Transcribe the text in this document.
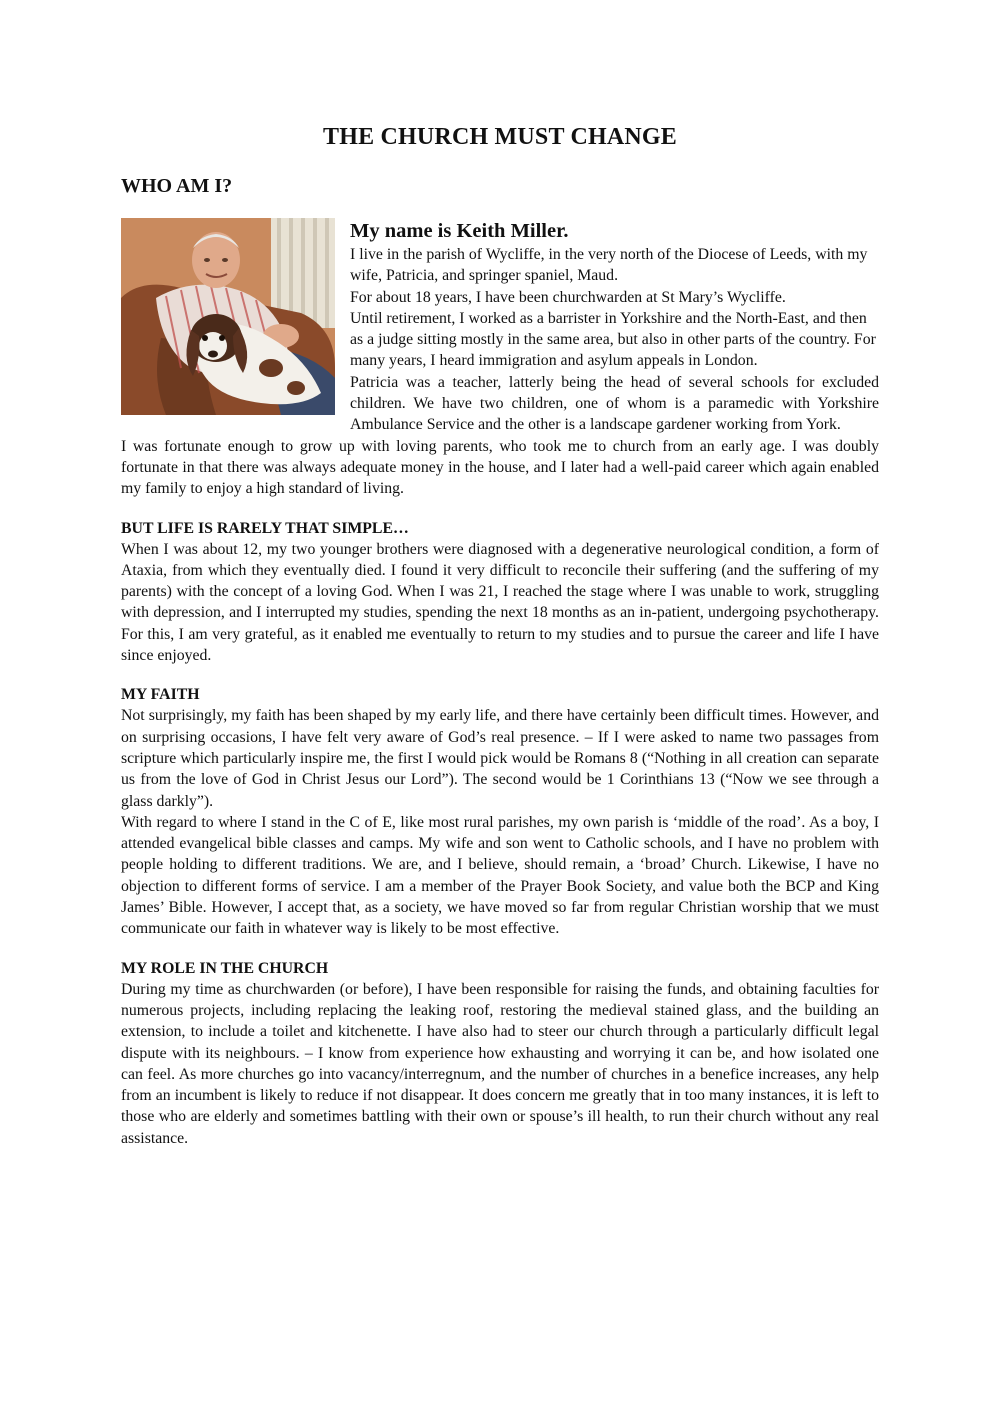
THE CHURCH MUST CHANGE
WHO AM I?
My name is Keith Miller.

I live in the parish of Wycliffe, in the very north of the Diocese of Leeds, with my wife, Patricia, and springer spaniel, Maud.

For about 18 years, I have been churchwarden at St Mary’s Wycliffe.

Until retirement, I worked as a barrister in Yorkshire and the North-East, and then as a judge sitting mostly in the same area, but also in other parts of the country. For many years, I heard immigration and asylum appeals in London.

Patricia was a teacher, latterly being the head of several schools for excluded children. We have two children, one of whom is a paramedic with Yorkshire Ambulance Service and the other is a landscape gardener working from York.

I was fortunate enough to grow up with loving parents, who took me to church from an early age. I was doubly fortunate in that there was always adequate money in the house, and I later had a well-paid career which again enabled my family to enjoy a high standard of living.

BUT LIFE IS RARELY THAT SIMPLE…

When I was about 12, my two younger brothers were diagnosed with a degenerative neurological condition, a form of Ataxia, from which they eventually died. I found it very difficult to reconcile their suffering (and the suffering of my parents) with the concept of a loving God. When I was 21, I reached the stage where I was unable to work, struggling with depression, and I interrupted my studies, spending the next 18 months as an in-patient, undergoing psychotherapy. For this, I am very grateful, as it enabled me eventually to return to my studies and to pursue the career and life I have since enjoyed.

MY FAITH

Not surprisingly, my faith has been shaped by my early life, and there have certainly been difficult times. However, and on surprising occasions, I have felt very aware of God’s real presence. – If I were asked to name two passages from scripture which particularly inspire me, the first I would pick would be Romans 8 (“Nothing in all creation can separate us from the love of God in Christ Jesus our Lord”). The second would be 1 Corinthians 13 (“Now we see through a glass darkly”).

With regard to where I stand in the C of E, like most rural parishes, my own parish is ‘middle of the road’. As a boy, I attended evangelical bible classes and camps. My wife and son went to Catholic schools, and I have no problem with people holding to different traditions. We are, and I believe, should remain, a ‘broad’ Church. Likewise, I have no objection to different forms of service. I am a member of the Prayer Book Society, and value both the BCP and King James’ Bible. However, I accept that, as a society, we have moved so far from regular Christian worship that we must communicate our faith in whatever way is likely to be most effective.

MY ROLE IN THE CHURCH

During my time as churchwarden (or before), I have been responsible for raising the funds, and obtaining faculties for numerous projects, including replacing the leaking roof, restoring the medieval stained glass, and the building an extension, to include a toilet and kitchenette. I have also had to steer our church through a particularly difficult legal dispute with its neighbours. – I know from experience how exhausting and worrying it can be, and how isolated one can feel. As more churches go into vacancy/interregnum, and the number of churches in a benefice increases, any help from an incumbent is likely to reduce if not disappear. It does concern me greatly that in too many instances, it is left to those who are elderly and sometimes battling with their own or spouse’s ill health, to run their church without any real assistance.
